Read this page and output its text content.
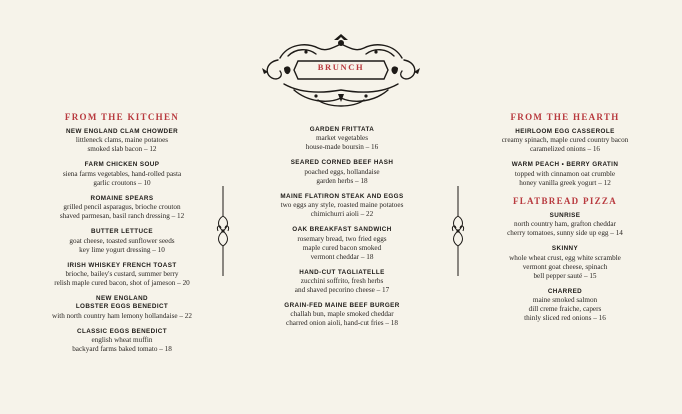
BRUNCH
FROM THE KITCHEN
NEW ENGLAND CLAM CHOWDER
littleneck clams, maine potatoes
smoked slab bacon – 12
FARM CHICKEN SOUP
siena farms vegetables, hand-rolled pasta
garlic croutons – 10
ROMAINE SPEARS
grilled pencil asparagus, brioche crouton
shaved parmesan, basil ranch dressing – 12
BUTTER LETTUCE
goat cheese, toasted sunflower seeds
key lime yogurt dressing – 10
IRISH WHISKEY FRENCH TOAST
brioche, bailey's custard, summer berry
relish maple cured bacon, shot of jameson – 20
NEW ENGLAND
LOBSTER EGGS BENEDICT
with north country ham lemony hollandaise – 22
CLASSIC EGGS BENEDICT
english wheat muffin
backyard farms baked tomato – 18
GARDEN FRITTATA
market vegetables
house-made boursin – 16
SEARED CORNED BEEF HASH
poached eggs, hollandaise
garden herbs – 18
MAINE FLATIRON STEAK AND EGGS
two eggs any style, roasted maine potatoes
chimichurri aioli – 22
OAK BREAKFAST SANDWICH
rosemary bread, two fried eggs
maple cured bacon smoked
vermont cheddar – 18
HAND-CUT TAGLIATELLE
zucchini soffrito, fresh herbs
and shaved pecorino cheese – 17
GRAIN-FED MAINE BEEF BURGER
challah bun, maple smoked cheddar
charred onion aioli, hand-cut fries – 18
FROM THE HEARTH
HEIRLOOM EGG CASSEROLE
creamy spinach, maple cured country bacon
caramelized onions – 16
WARM PEACH • BERRY GRATIN
topped with cinnamon oat crumble
honey vanilla greek yogurt – 12
FLATBREAD PIZZA
SUNRISE
north country ham, grafton cheddar
cherry tomatoes, sunny side up egg – 14
SKINNY
whole wheat crust, egg white scramble
vermont goat cheese, spinach
bell pepper sauté – 15
CHARRED
maine smoked salmon
dill creme fraiche, capers
thinly sliced red onions – 16
